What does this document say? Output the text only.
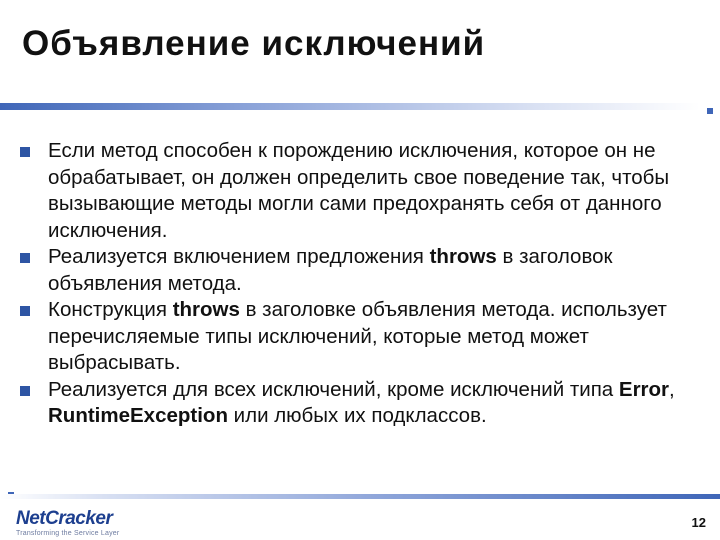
Объявление исключений
Если метод способен к порождению исключения, которое он не обрабатывает, он должен определить свое поведение так, чтобы вызывающие методы могли сами предохранять себя от данного исключения.
Реализуется включением предложения throws в заголовок объявления метода.
Конструкция throws в заголовке объявления метода. использует перечисляемые типы исключений, которые метод может выбрасывать.
Реализуется для всех исключений, кроме исключений типа Error, RuntimeException или любых их подклассов.
NetCracker
Transforming the Service Layer
12
